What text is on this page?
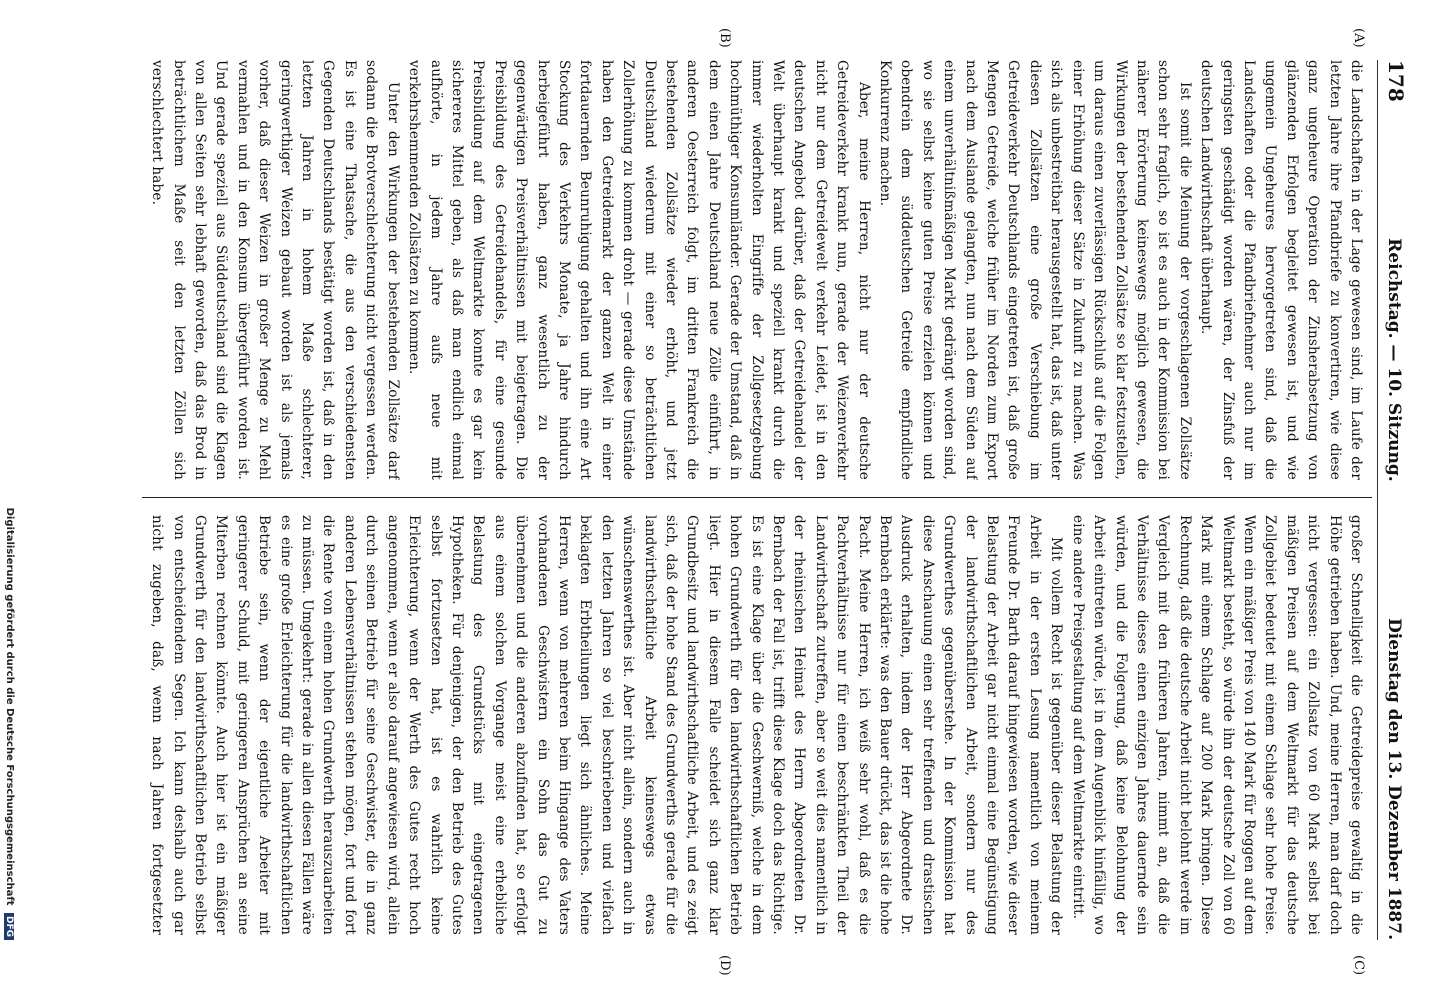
178
Reichstag. — 10. Sitzung.
Dienstag den 13. Dezember 1887.
(A)
(B)
(C)
(D)

die Landschaften in der Lage gewesen sind, im Laufe der letzten Jahre ihre Pfandbriefe zu konvertiren, wie diese ganz ungeheure Operation der Zinsherabsetzung von glänzenden Erfolgen begleitet gewesen ist, und wie ungemein Ungeheures hervorgetreten sind, daß die Landschaften oder die Pfandbriefnehmer auch nur im geringsten geschädigt worden wären, der Zinsfuß der deutschen Landwirthschaft überhaupt.

Ist somit die Meinung der vorgeschlagenen Zollsätze schon sehr fraglich, so ist es auch in der Kommission bei näherer Erörterung keineswegs möglich gewesen, die Wirkungen der bestehenden Zollsätze so klar festzustellen, um daraus einen zuverlässigen Rückschluß auf die Folgen einer Erhöhung dieser Sätze in Zukunft zu machen. Was sich als unbestreitbar herausgestellt hat, das ist, daß unter diesen Zollsätzen eine große Verschiebung im Getreideverkehr Deutschlands eingetreten ist, daß große Mengen Getreide, welche früher im Norden zum Export nach dem Auslande gelangten, nun nach dem Süden auf einem unverhältnißmäßigen Markt gedrängt worden sind, wo sie selbst keine guten Preise erzielen können und obendrein dem süddeutschen Getreide empfindliche Konkurrenz machen.

Aber, meine Herren, nicht nur der deutsche Getreideverkehr krankt nun, gerade der Weizenverkehr nicht nur dem Getreidewelt verkehr Leidet, ist in den deutschen Angebot darüber, daß der Getreidehandel der Welt überhaupt krankt und speziell krankt durch die immer wiederholten Eingriffe der Zollgesetzgebung hochmüthiger Konsumländer. Gerade der Umstand, daß in dem einen Jahre Deutschland neue Zölle einführt, in anderen Oesterreich folgt, im dritten Frankreich die bestehenden Zollsätze wieder erhöht, und jetzt Deutschland wiederum mit einer so beträchtlichen Zollerhöhung zu kommen droht — gerade diese Umstände haben den Getreidemarkt der ganzen Welt in einer fortdauernden Beunruhigung gehalten und ihn eine Art Stockung des Verkehrs Monate, ja Jahre hindurch herbeigeführt haben, ganz wesentlich zu der gegenwärtigen Preisverhältnissen mit beigetragen. Die Preisbildung des Getreidehandels, für eine gesunde Preisbildung auf dem Weltmarkte konnte es gar kein sichereres Mittel geben, als daß man endlich einmal aufhörte, in jedem Jahre aufs neue mit verkehrshemmenden Zollsätzen zu kommen.

Unter den Wirkungen der bestehenden Zollsätze darf sodann die Brotverschlechterung nicht vergessen werden. Es ist eine Thatsache, die aus den verschiedensten Gegenden Deutschlands bestätigt worden ist, daß in den letzten Jahren in hohem Maße schlechterer, geringwerthiger Weizen gebaut worden ist als jemals vorher, daß dieser Weizen in großer Menge zu Mehl vermahlen und in den Konsum übergeführt worden ist. Und gerade speziell aus Süddeutschland sind die Klagen von allen Seiten sehr lebhaft geworden, daß das Brod in beträchtlichem Maße seit den letzten Zöllen sich verschlechtert habe.

großer Schnelligkeit die Getreidepreise gewaltig in die Höhe getrieben haben. Und, meine Herren, man darf doch nicht vergessen: ein Zollsatz von 60 Mark selbst bei mäßigen Preisen auf dem Weltmarkt für das deutsche Zollgebiet bedeutet mit einem Schlage sehr hohe Preise. Wenn ein mäßiger Preis von 140 Mark für Roggen auf dem Weltmarkt besteht, so würde ihn der deutsche Zoll von 60 Mark mit einem Schlage auf 200 Mark bringen. Diese Rechnung, daß die deutsche Arbeit nicht belohnt werde im Vergleich mit den früheren Jahren, nimmt an, daß die Verhältnisse dieses einen einzigen Jahres dauernde sein würden, und die Folgerung, daß keine Belohnung der Arbeit eintreten würde, ist in dem Augenblick hinfällig, wo eine andere Preisgestaltung auf dem Weltmarkte eintritt.

Mit vollem Recht ist gegenüber dieser Belastung der Arbeit in der ersten Lesung namentlich von meinem Freunde Dr. Barth darauf hingewiesen worden, wie dieser Belastung der Arbeit gar nicht einmal eine Begünstigung der landwirthschaftlichen Arbeit, sondern nur des Grundwerthes gegenüberstehe. In der Kommission hat diese Anschauung einen sehr treffenden und drastischen Ausdruck erhalten, indem der Herr Abgeordnete Dr. Bernbach erklärte: was den Bauer drückt, das ist die hohe Pacht. Meine Herren, ich weiß sehr wohl, daß es die Pachtverhältnisse nur für einen beschränkten Theil der Landwirthschaft zutreffen, aber so weit dies namentlich in der rheinischen Heimat des Herrn Abgeordneten Dr. Bernbach der Fall ist, trifft diese Klage doch das Richtige. Es ist eine Klage über die Geschwerniß, welche in dem hohen Grundwerth für den landwirthschaftlichen Betrieb liegt. Hier in diesem Falle scheidet sich ganz klar Grundbesitz und landwirthschaftliche Arbeit, und es zeigt sich, daß der hohe Stand des Grundwerths gerade für die landwirthschaftliche Arbeit keineswegs etwas wünschenswerthes ist. Aber nicht allein, sondern auch in den letzten Jahren so viel beschriebenen und vielfach beklagten Erbtheilungen liegt sich ähnliches. Meine Herren, wenn von mehreren beim Hingange des Vaters vorhandenen Geschwistern ein Sohn das Gut zu übernehmen und die anderen abzufinden hat, so erfolgt aus einem solchen Vorgange meist eine erhebliche Belastung des Grundstücks mit eingetragenen Hypotheken. Für denjenigen, der den Betrieb des Gutes selbst fortzusetzen hat, ist es wahrlich keine Erleichterung, wenn der Werth des Gutes recht hoch angenommen, wenn er also darauf angewiesen wird, allein durch seinen Betrieb für seine Geschwister, die in ganz anderen Lebensverhältnissen stehen mögen, fort und fort die Rente von einem hohen Grundwerth herauszuarbeiten zu müssen. Umgekehrt: gerade in allen diesen Fällen wäre es eine große Erleichterung für die landwirthschaftlichen Betriebe sein, wenn der eigentliche Arbeiter mit geringerer Schuld, mit geringeren Ansprüchen an seine Miterben rechnen könnte. Auch hier ist ein mäßiger Grundwerth für den landwirthschaftlichen Betrieb selbst von entscheidendem Segen. Ich kann deshalb auch gar nicht zugeben, daß, wenn nach Jahren fortgesetzter

Digitalisierung gefördert durch die Deutsche Forschungsgemeinschaft DFG
